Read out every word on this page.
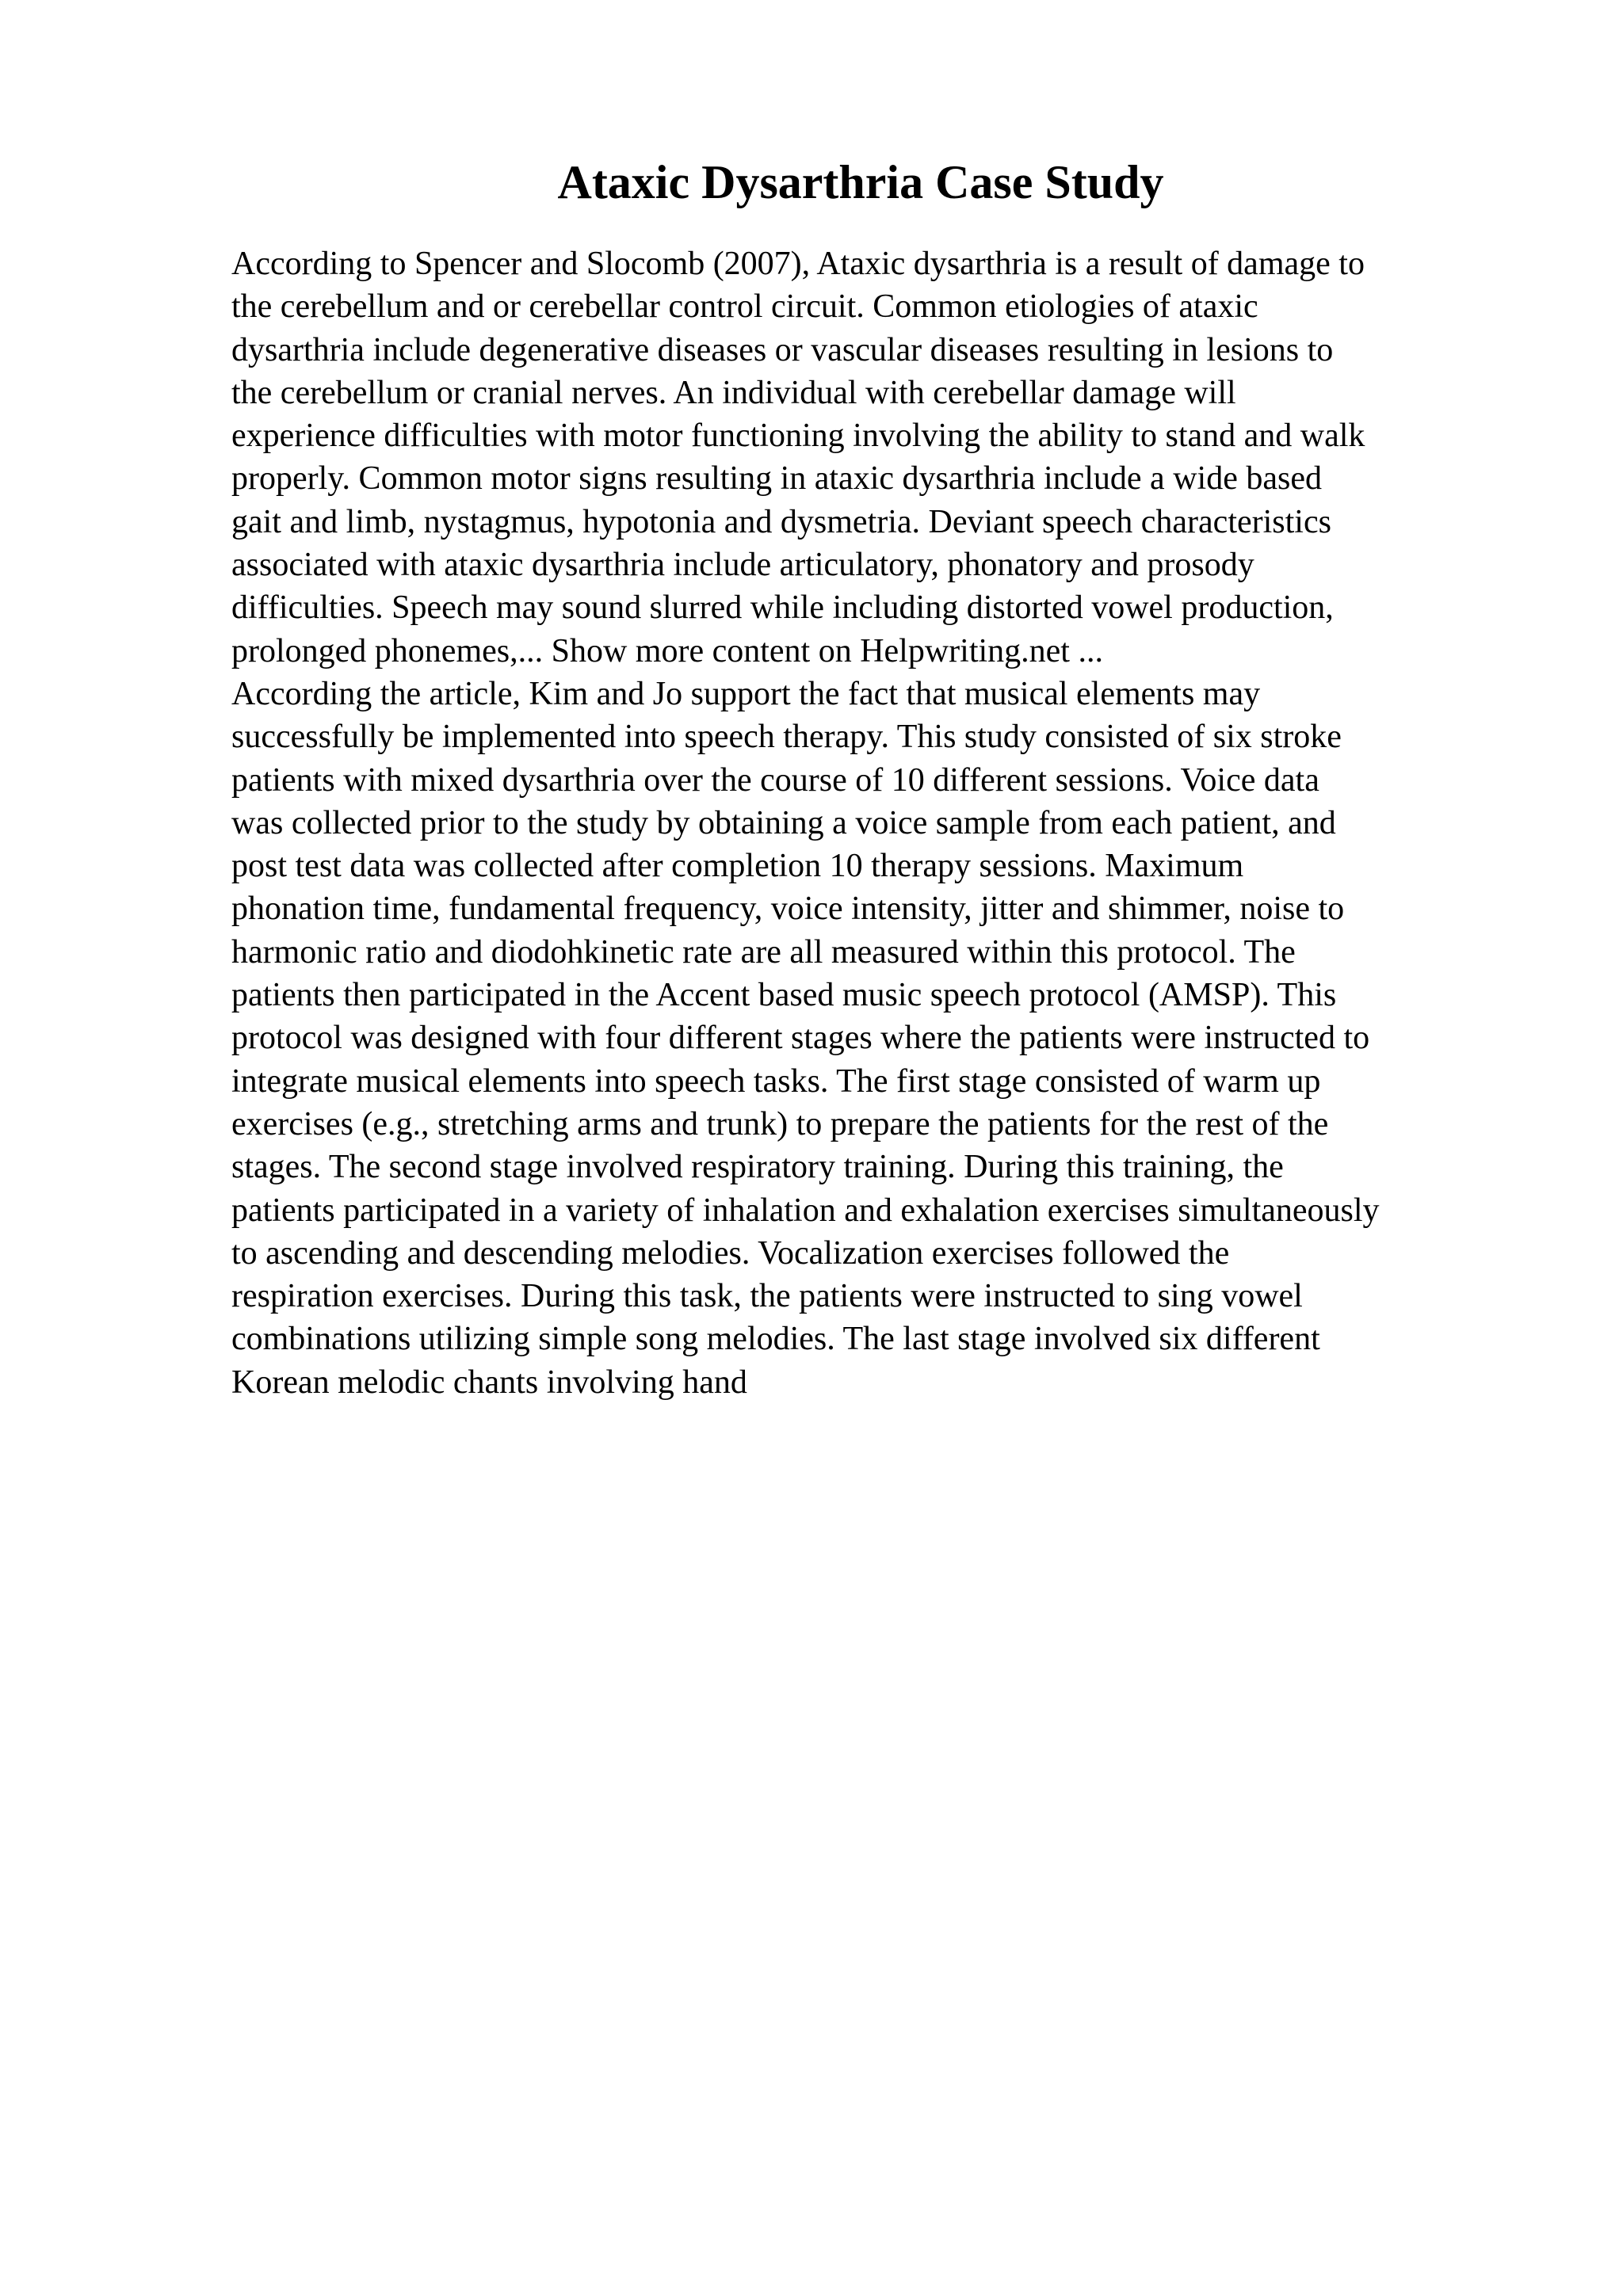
Ataxic Dysarthria Case Study
According to Spencer and Slocomb (2007), Ataxic dysarthria is a result of damage to
the cerebellum and or cerebellar control circuit. Common etiologies of ataxic
dysarthria include degenerative diseases or vascular diseases resulting in lesions to
the cerebellum or cranial nerves. An individual with cerebellar damage will
experience difficulties with motor functioning involving the ability to stand and walk
properly. Common motor signs resulting in ataxic dysarthria include a wide based
gait and limb, nystagmus, hypotonia and dysmetria. Deviant speech characteristics
associated with ataxic dysarthria include articulatory, phonatory and prosody
difficulties. Speech may sound slurred while including distorted vowel production,
prolonged phonemes,... Show more content on Helpwriting.net ...
According the article, Kim and Jo support the fact that musical elements may
successfully be implemented into speech therapy. This study consisted of six stroke
patients with mixed dysarthria over the course of 10 different sessions. Voice data
was collected prior to the study by obtaining a voice sample from each patient, and
post test data was collected after completion 10 therapy sessions. Maximum
phonation time, fundamental frequency, voice intensity, jitter and shimmer, noise to
harmonic ratio and diodohkinetic rate are all measured within this protocol. The
patients then participated in the Accent based music speech protocol (AMSP). This
protocol was designed with four different stages where the patients were instructed to
integrate musical elements into speech tasks. The first stage consisted of warm up
exercises (e.g., stretching arms and trunk) to prepare the patients for the rest of the
stages. The second stage involved respiratory training. During this training, the
patients participated in a variety of inhalation and exhalation exercises simultaneously
to ascending and descending melodies. Vocalization exercises followed the
respiration exercises. During this task, the patients were instructed to sing vowel
combinations utilizing simple song melodies. The last stage involved six different
Korean melodic chants involving hand
